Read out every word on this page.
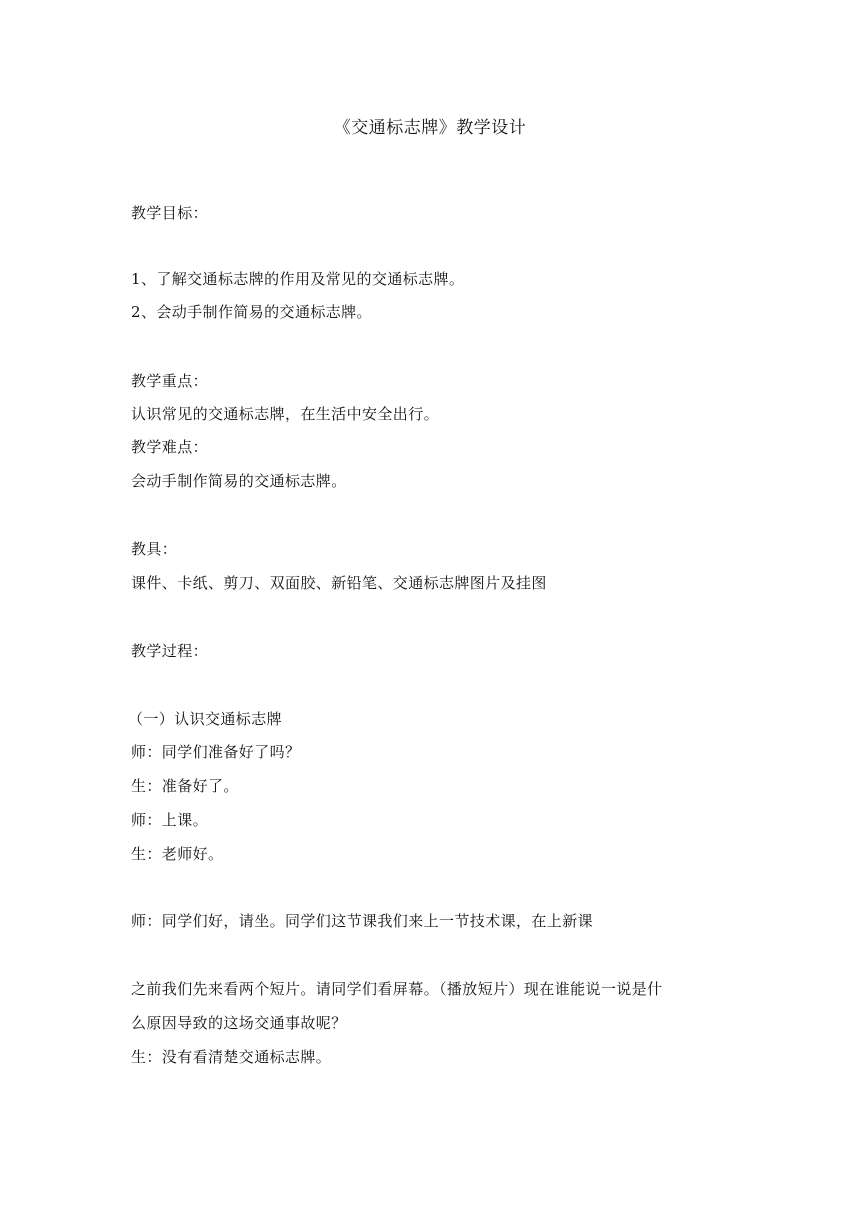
《交通标志牌》教学设计
教学目标：
1、了解交通标志牌的作用及常见的交通标志牌。
2、会动手制作简易的交通标志牌。
教学重点：
认识常见的交通标志牌，在生活中安全出行。
教学难点：
会动手制作简易的交通标志牌。
教具：
课件、卡纸、剪刀、双面胶、新铅笔、交通标志牌图片及挂图
教学过程：
（一）认识交通标志牌
师：同学们准备好了吗？
生：准备好了。
师：上课。
生：老师好。
师：同学们好，请坐。同学们这节课我们来上一节技术课，在上新课
之前我们先来看两个短片。请同学们看屏幕。（播放短片）现在谁能说一说是什
么原因导致的这场交通事故呢？
生：没有看清楚交通标志牌。
